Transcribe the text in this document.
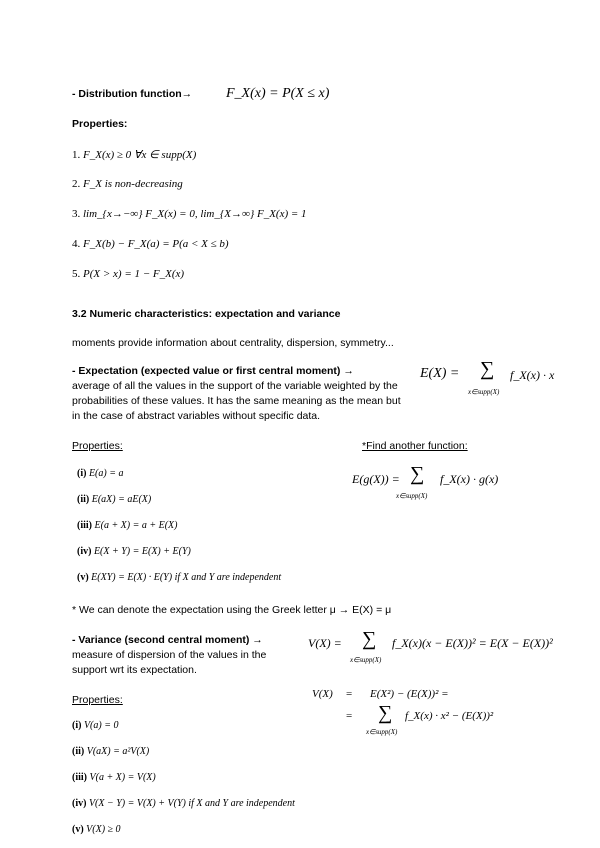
- Distribution function→ F_X(x) = P(X ≤ x)
Properties:
1. F_X(x) ≥ 0 ∀x ∈ supp(X)
2. F_X is non-decreasing
3. lim_{x→−∞} F_X(x) = 0, lim_{X→∞} F_X(x) = 1
4. F_X(b) − F_X(a) = P(a < X ≤ b)
5. P(X > x) = 1 − F_X(x)
3.2 Numeric characteristics: expectation and variance
moments provide information about centrality, dispersion, symmetry...
- Expectation (expected value or first central moment) →
average of all the values in the support of the variable weighted by the probabilities of these values. It has the same meaning as the mean but in the case of abstract variables without specific data.
E(X) = ∑
x∈supp(X)
f_X(x) · x
Properties:	*Find another function:
E(g(X)) = ∑
x∈supp(X)
f_X(x) · g(x)
(i) E(a) = a
(ii) E(aX) = aE(X)
(iii) E(a + X) = a + E(X)
(iv) E(X + Y) = E(X) + E(Y)
(v) E(XY) = E(X) · E(Y) if X and Y are independent
* We can denote the expectation using the Greek letter μ → E(X) = μ
- Variance (second central moment) →
measure of dispersion of the values in the support wrt its expectation.
V(X) = ∑
x∈supp(X)
f_X(x)(x − E(X))² = E(X − E(X))²
V(X) = E(X²) − (E(X))² =
= ∑
x∈supp(X)
f_X(x) · x² − (E(X))²
Properties:
(i) V(a) = 0
(ii) V(aX) = a²V(X)
(iii) V(a + X) = V(X)
(iv) V(X − Y) = V(X) + V(Y) if X and Y are independent
(v) V(X) ≥ 0
